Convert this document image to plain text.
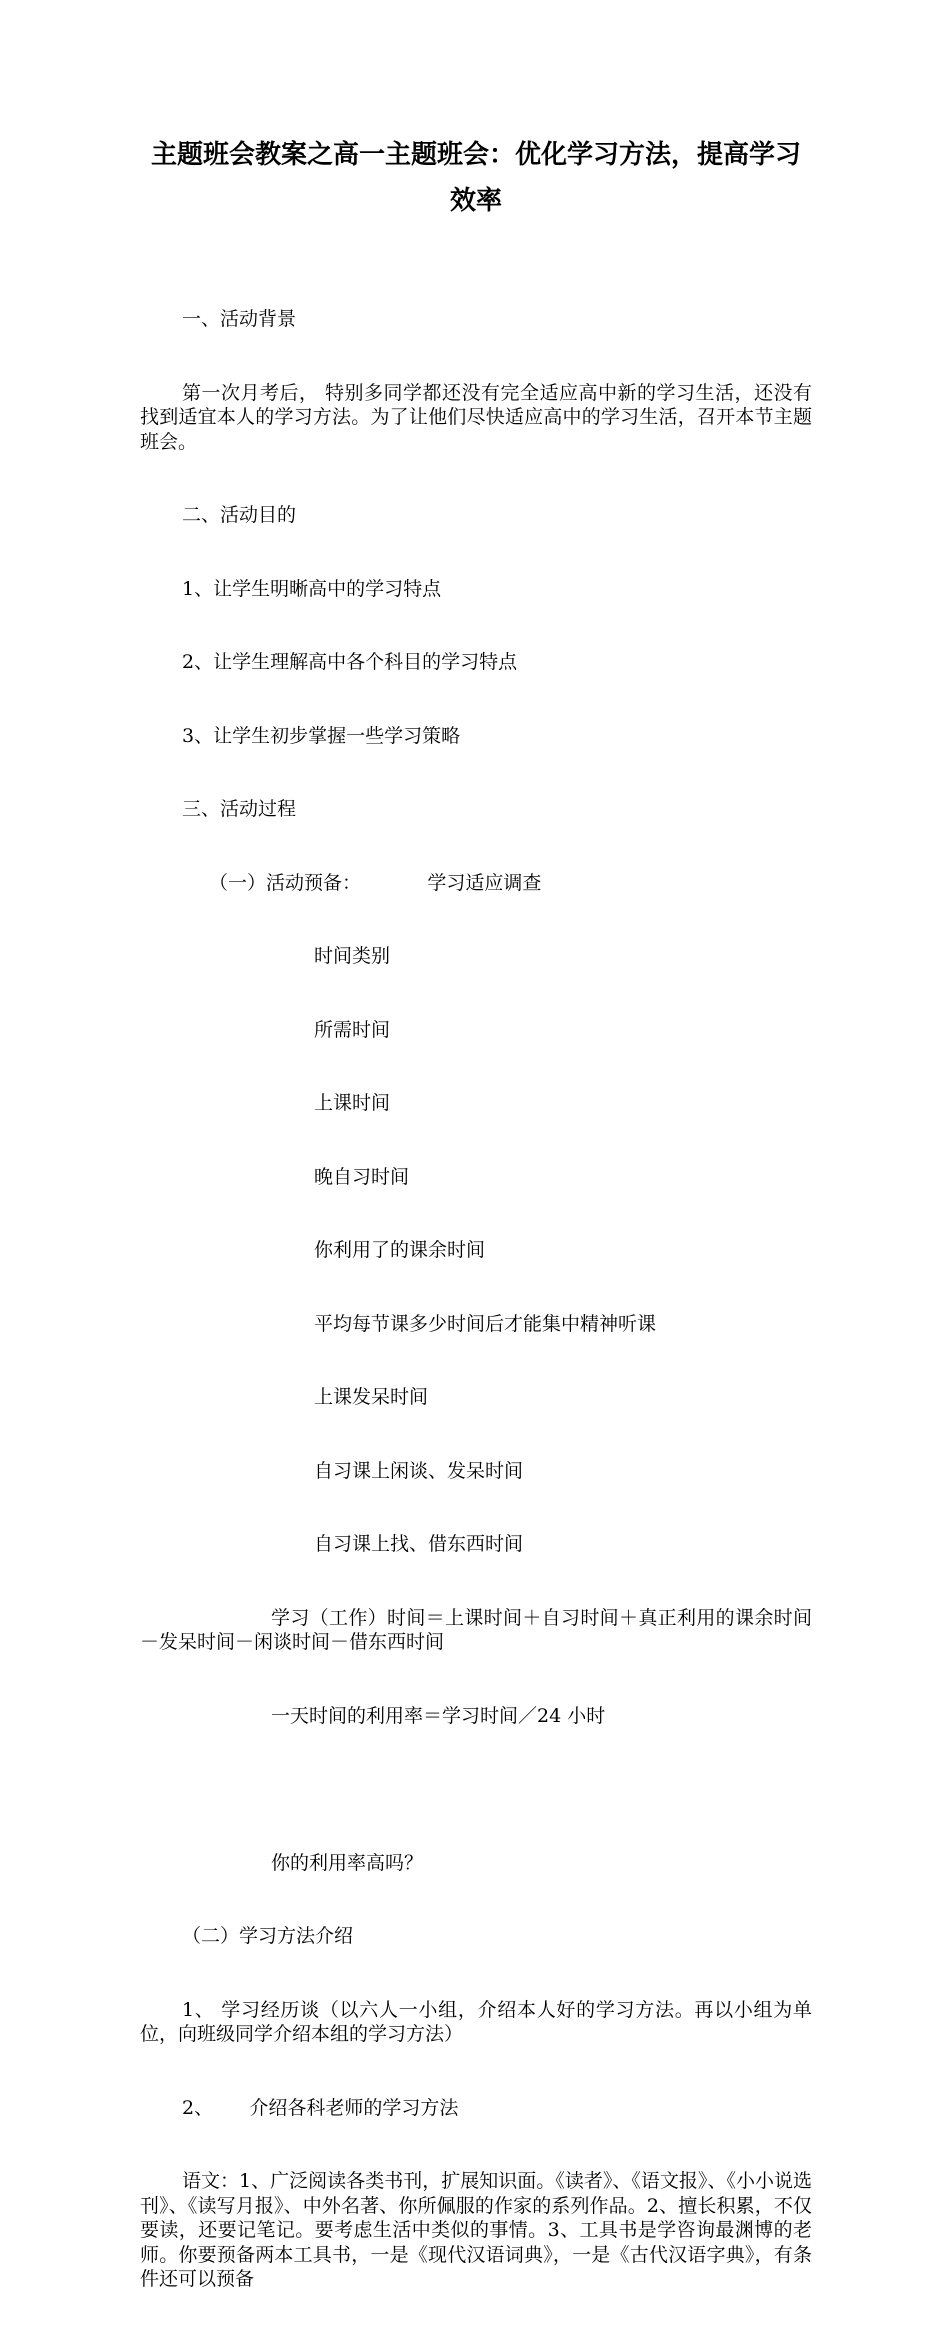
主题班会教案之高一主题班会：优化学习方法，提高学习效率

一、活动背景

第一次月考后， 特别多同学都还没有完全适应高中新的学习生活，还没有找到适宜本人的学习方法。为了让他们尽快适应高中的学习生活，召开本节主题班会。

二、活动目的

1、让学生明晰高中的学习特点

2、让学生理解高中各个科目的学习特点

3、让学生初步掌握一些学习策略

三、活动过程

（一）活动预备：           学习适应调查

时间类别

所需时间

上课时间

晚自习时间

你利用了的课余时间

平均每节课多少时间后才能集中精神听课

上课发呆时间

自习课上闲谈、发呆时间

自习课上找、借东西时间

学习（工作）时间＝上课时间＋自习时间＋真正利用的课余时间－发呆时间－闲谈时间－借东西时间

一天时间的利用率＝学习时间／24 小时

你的利用率高吗？

（二）学习方法介绍

1、 学习经历谈（以六人一小组，介绍本人好的学习方法。再以小组为单位，向班级同学介绍本组的学习方法）

2、      介绍各科老师的学习方法

语文：1、广泛阅读各类书刊，扩展知识面。《读者》、《语文报》、《小小说选刊》、《读写月报》、中外名著、你所佩服的作家的系列作品。2、擅长积累，不仅要读，还要记笔记。要考虑生活中类似的事情。3、工具书是学咨询最渊博的老师。你要预备两本工具书，一是《现代汉语词典》，一是《古代汉语字典》，有条件还可以预备
